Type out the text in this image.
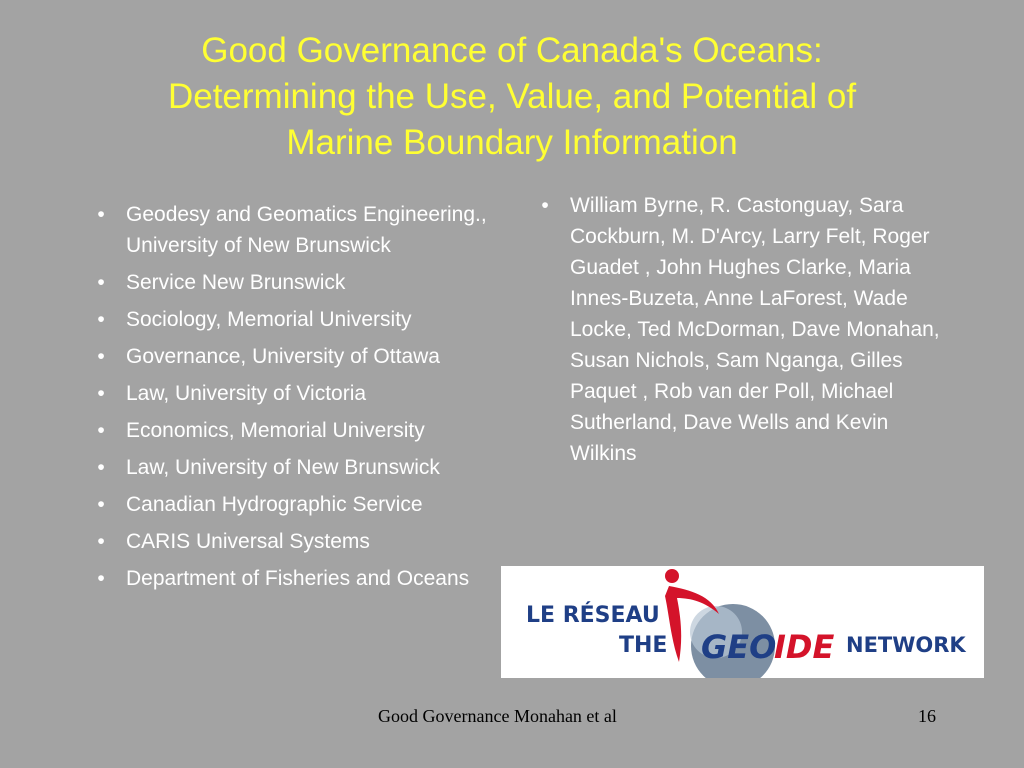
Good Governance of Canada's Oceans:
Determining the Use, Value, and Potential of
Marine Boundary Information
•	Geodesy and Geomatics Engineering., University of New Brunswick
•	Service New Brunswick
•	Sociology, Memorial University
•	Governance, University of Ottawa
•	Law, University of Victoria
•	Economics, Memorial University
•	Law, University of New Brunswick
•	Canadian Hydrographic Service
•	CARIS Universal Systems
•	Department of Fisheries and Oceans
•	William Byrne, R. Castonguay, Sara Cockburn, M. D'Arcy, Larry Felt, Roger Guadet , John Hughes Clarke, Maria Innes-Buzeta, Anne LaForest, Wade Locke, Ted McDorman, Dave Monahan, Susan Nichols, Sam Nganga, Gilles Paquet , Rob van der Poll, Michael Sutherland, Dave Wells and Kevin Wilkins
LE RÉSEAU
THE GEO
IDE NETWORK
Good Governance Monahan et al	16
